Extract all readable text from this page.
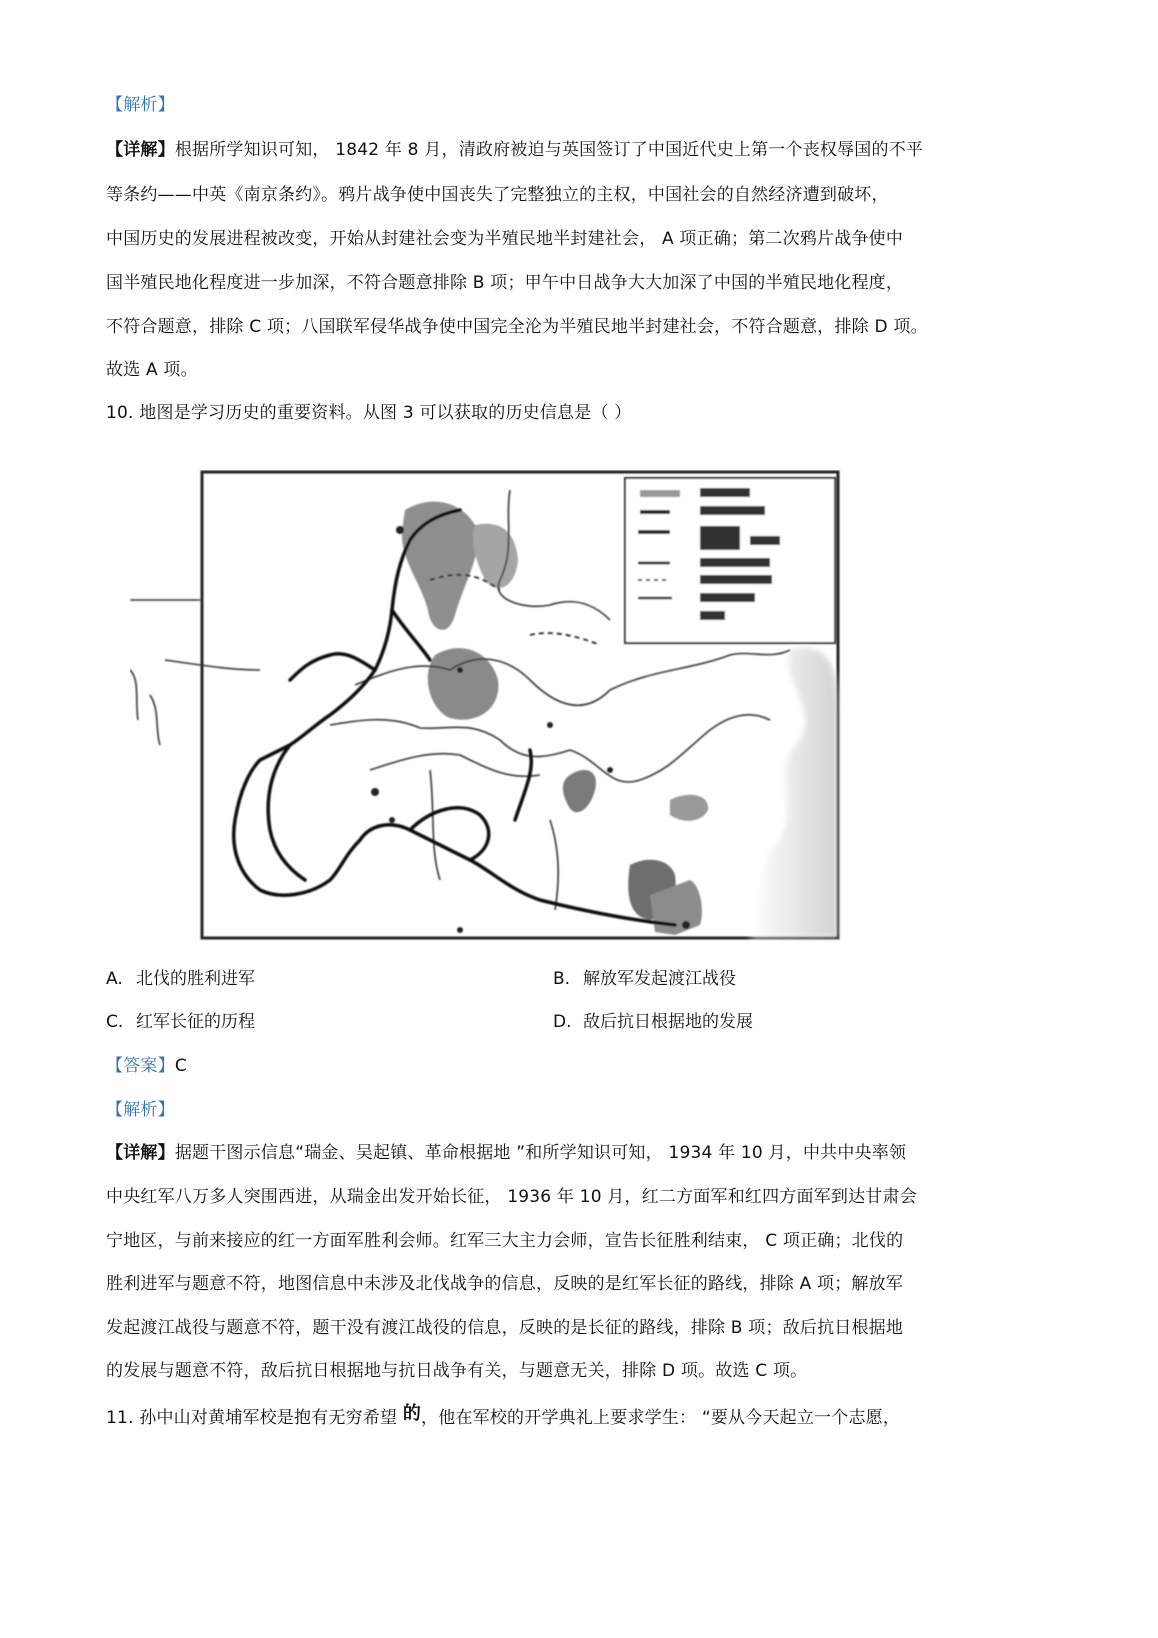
【解析】
【详解】根据所学知识可知， 1842 年 8 月，清政府被迫与英国签订了中国近代史上第一个丧权辱国的不平
等条约——中英《南京条约》。鸦片战争使中国丧失了完整独立的主权，中国社会的自然经济遭到破坏，
中国历史的发展进程被改变，开始从封建社会变为半殖民地半封建社会， A 项正确；第二次鸦片战争使中
国半殖民地化程度进一步加深，不符合题意排除 B 项；甲午中日战争大大加深了中国的半殖民地化程度，
不符合题意，排除 C 项；八国联军侵华战争使中国完全沦为半殖民地半封建社会，不符合题意，排除 D 项。
故选 A 项。
10. 地图是学习历史的重要资料。从图 3 可以获取的历史信息是（ ）
A. 北伐的胜利进军	B. 解放军发起渡江战役
C. 红军长征的历程	D. 敌后抗日根据地的发展
【答案】C
【解析】
【详解】据题干图示信息“瑞金、吴起镇、革命根据地 ”和所学知识可知， 1934 年 10 月，中共中央率领
中央红军八万多人突围西进，从瑞金出发开始长征， 1936 年 10 月，红二方面军和红四方面军到达甘肃会
宁地区，与前来接应的红一方面军胜利会师。红军三大主力会师，宣告长征胜利结束， C 项正确；北伐的
胜利进军与题意不符，地图信息中未涉及北伐战争的信息，反映的是红军长征的路线，排除 A 项；解放军
发起渡江战役与题意不符，题干没有渡江战役的信息，反映的是长征的路线，排除 B 项；敌后抗日根据地
的发展与题意不符，敌后抗日根据地与抗日战争有关，与题意无关，排除 D 项。故选 C 项。
11. 孙中山对黄埔军校是抱有无穷希望 的，他在军校的开学典礼上要求学生： “要从今天起立一个志愿，
